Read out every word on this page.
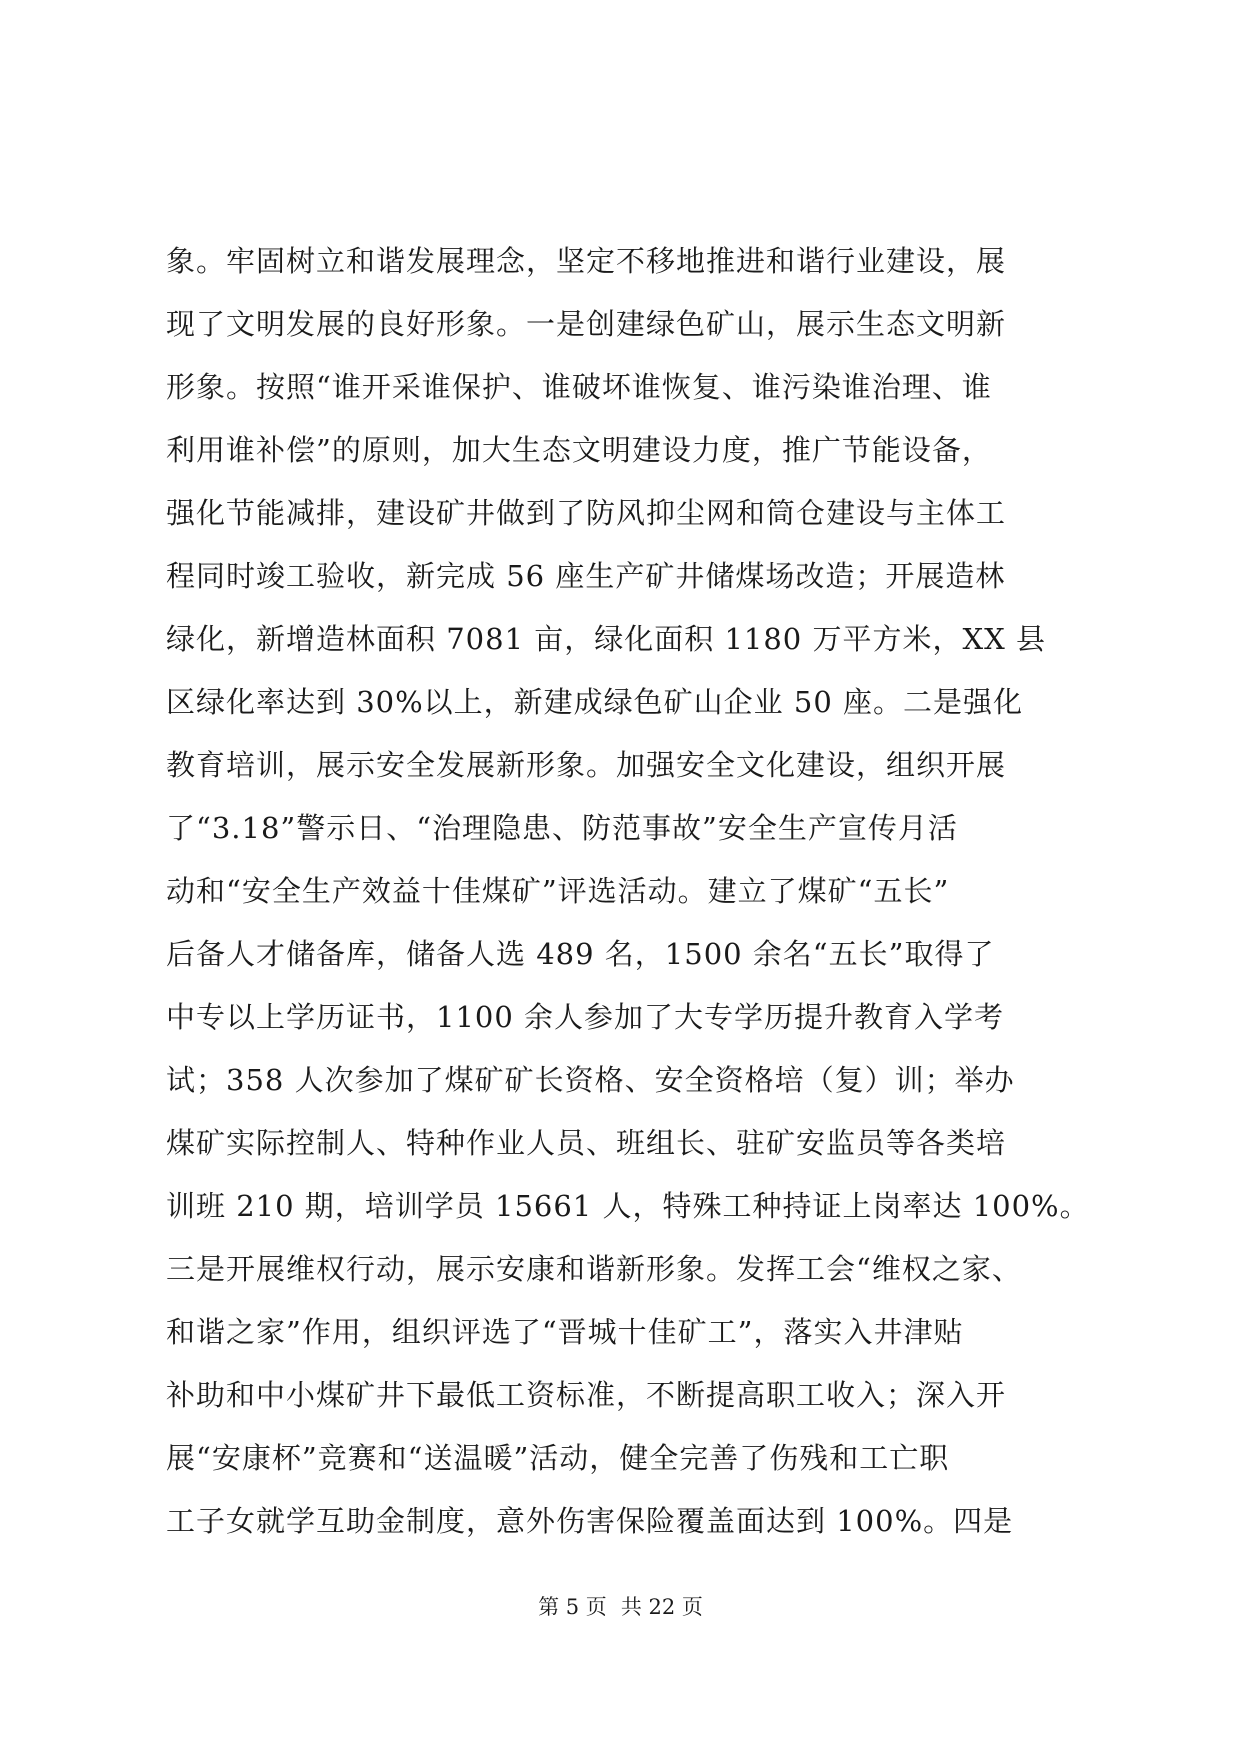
象。牢固树立和谐发展理念，坚定不移地推进和谐行业建设，展
现了文明发展的良好形象。一是创建绿色矿山，展示生态文明新
形象。按照“谁开采谁保护、谁破坏谁恢复、谁污染谁治理、谁
利用谁补偿”的原则，加大生态文明建设力度，推广节能设备，
强化节能减排，建设矿井做到了防风抑尘网和筒仓建设与主体工
程同时竣工验收，新完成 56 座生产矿井储煤场改造；开展造林
绿化，新增造林面积 7081 亩，绿化面积 1180 万平方米，XX 县
区绿化率达到 30%以上，新建成绿色矿山企业 50 座。二是强化
教育培训，展示安全发展新形象。加强安全文化建设，组织开展
了“3.18”警示日、“治理隐患、防范事故”安全生产宣传月活
动和“安全生产效益十佳煤矿”评选活动。建立了煤矿“五长”
后备人才储备库，储备人选 489 名，1500 余名“五长”取得了
中专以上学历证书，1100 余人参加了大专学历提升教育入学考
试；358 人次参加了煤矿矿长资格、安全资格培（复）训；举办
煤矿实际控制人、特种作业人员、班组长、驻矿安监员等各类培
训班 210 期，培训学员 15661 人，特殊工种持证上岗率达 100%。
三是开展维权行动，展示安康和谐新形象。发挥工会“维权之家、
和谐之家”作用，组织评选了“晋城十佳矿工”，落实入井津贴
补助和中小煤矿井下最低工资标准，不断提高职工收入；深入开
展“安康杯”竞赛和“送温暖”活动，健全完善了伤残和工亡职
工子女就学互助金制度，意外伤害保险覆盖面达到 100%。四是
第 5 页 共 22 页
